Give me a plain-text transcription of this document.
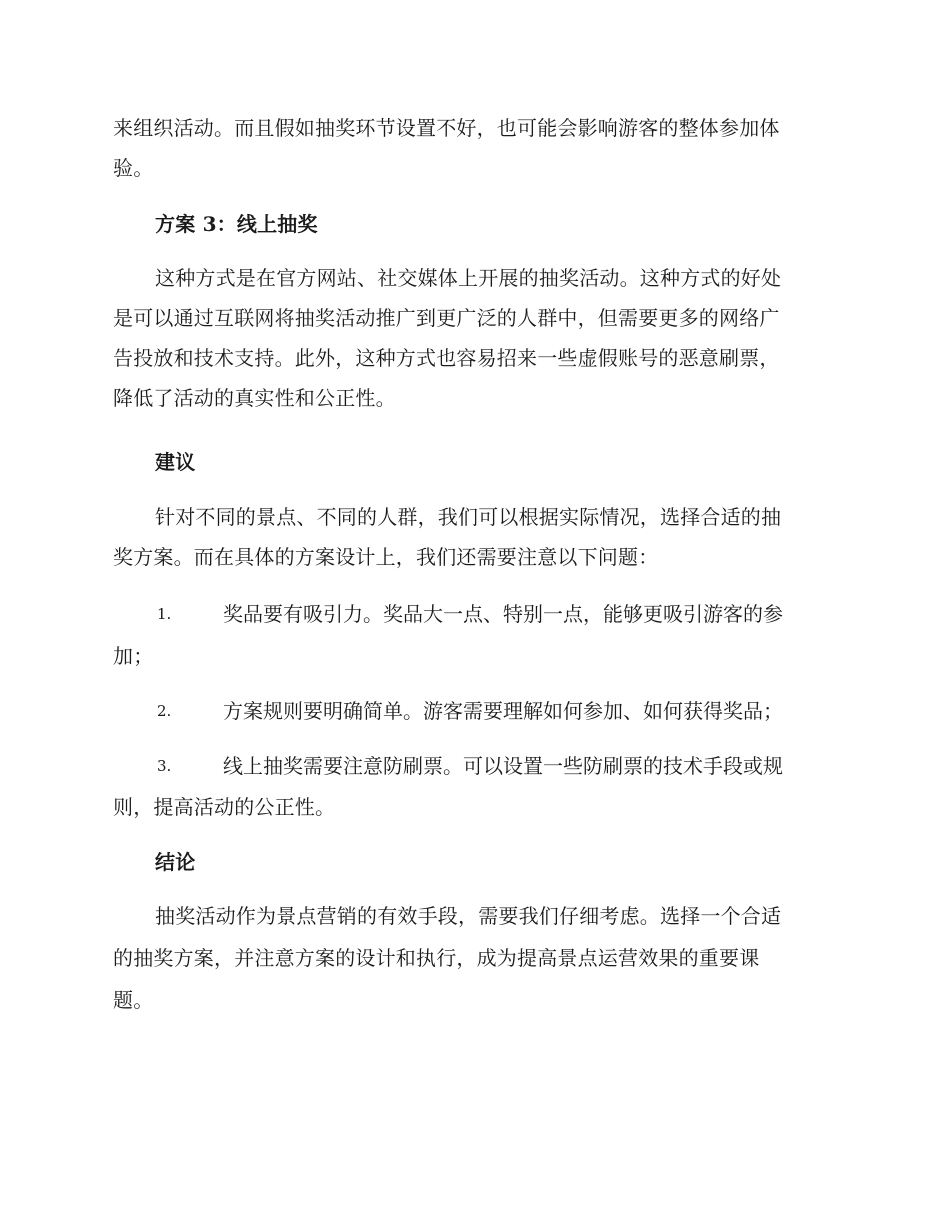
来组织活动。而且假如抽奖环节设置不好，也可能会影响游客的整体参加体
验。
方案 3：线上抽奖
这种方式是在官方网站、社交媒体上开展的抽奖活动。这种方式的好处
是可以通过互联网将抽奖活动推广到更广泛的人群中，但需要更多的网络广
告投放和技术支持。此外，这种方式也容易招来一些虚假账号的恶意刷票，
降低了活动的真实性和公正性。
建议
针对不同的景点、不同的人群，我们可以根据实际情况，选择合适的抽
奖方案。而在具体的方案设计上，我们还需要注意以下问题：
1.	奖品要有吸引力。奖品大一点、特别一点，能够更吸引游客的参
加；
2.	方案规则要明确简单。游客需要理解如何参加、如何获得奖品；
3.	线上抽奖需要注意防刷票。可以设置一些防刷票的技术手段或规
则，提高活动的公正性。
结论
抽奖活动作为景点营销的有效手段，需要我们仔细考虑。选择一个合适
的抽奖方案，并注意方案的设计和执行，成为提高景点运营效果的重要课
题。
